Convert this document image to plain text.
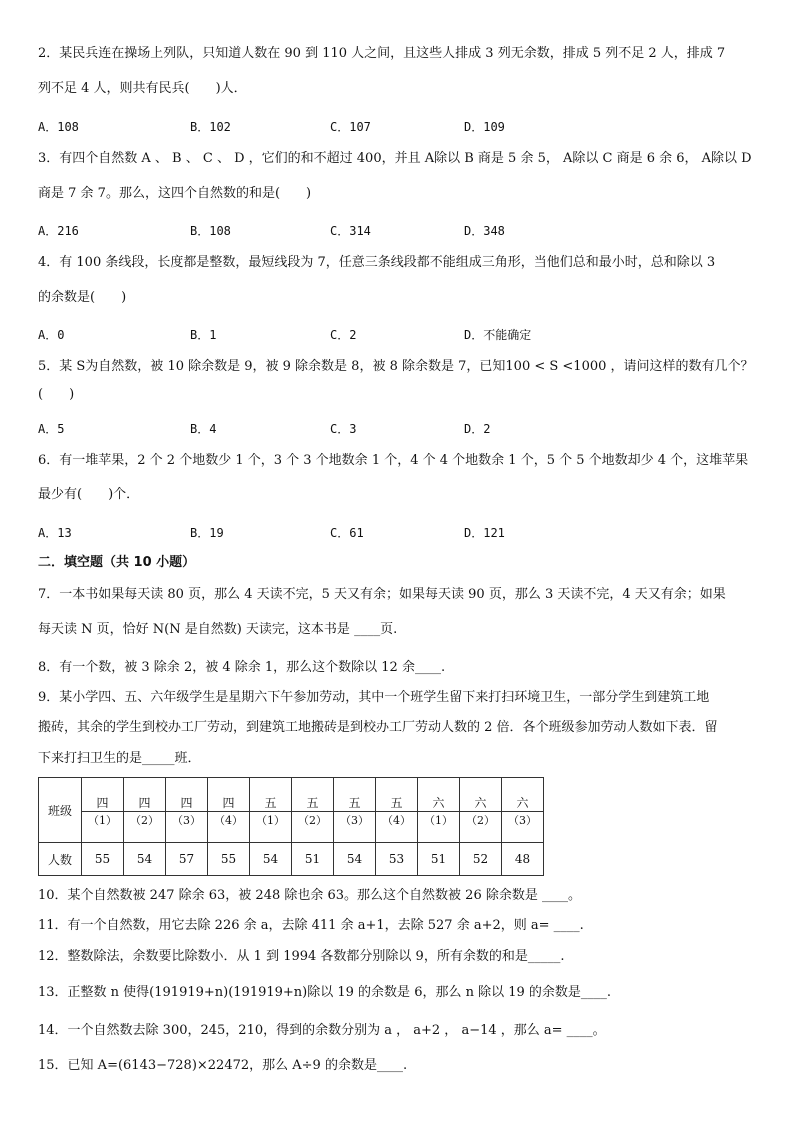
2．某民兵连在操场上列队，只知道人数在 90 到 110 人之间，且这些人排成 3 列无余数，排成 5 列不足 2 人，排成 7
列不足 4 人，则共有民兵(　　)人．
A．108	B．102	C．107	D．109
3．有四个自然数 A 、 B 、 C 、 D ，它们的和不超过 400，并且 A除以 B 商是 5 余 5， A除以 C 商是 6 余 6， A除以 D
商是 7 余 7。那么，这四个自然数的和是(　　)
A．216	B．108	C．314	D．348
4．有 100 条线段，长度都是整数，最短线段为 7，任意三条线段都不能组成三角形，当他们总和最小时，总和除以 3
的余数是(　　)
A．0	B．1	C．2	D．不能确定
5．某 S为自然数，被 10 除余数是 9，被 9 除余数是 8，被 8 除余数是 7，已知100 < S <1000 ，请问这样的数有几个？
(　　)
A．5	B．4	C．3	D．2
6．有一堆苹果，2 个 2 个地数少 1 个，3 个 3 个地数余 1 个，4 个 4 个地数余 1 个，5 个 5 个地数却少 4 个，这堆苹果
最少有(　　)个．
A．13	B．19	C．61	D．121
二．填空题（共 10 小题）
7．一本书如果每天读 80 页，那么 4 天读不完，5 天又有余；如果每天读 90 页，那么 3 天读不完，4 天又有余；如果
每天读 N 页，恰好 N(N 是自然数) 天读完，这本书是 ____页.
8．有一个数，被 3 除余 2，被 4 除余 1，那么这个数除以 12 余____.
9．某小学四、五、六年级学生是星期六下午参加劳动，其中一个班学生留下来打扫环境卫生，一部分学生到建筑工地
搬砖，其余的学生到校办工厂劳动，到建筑工地搬砖是到校办工厂劳动人数的 2 倍．各个班级参加劳动人数如下表．留
下来打扫卫生的是_____班．
班级	四	四	四	四	五	五	五	五	六	六	六
	（1）	（2）	（3）	（4）	（1）	（2）	（3）	（4）	（1）	（2）	（3）
人数	55	54	57	55	54	51	54	53	51	52	48
10．某个自然数被 247 除余 63，被 248 除也余 63。那么这个自然数被 26 除余数是 ____。
11．有一个自然数，用它去除 226 余 a，去除 411 余 a+1，去除 527 余 a+2，则 a= ____.
12．整数除法，余数要比除数小．从 1 到 1994 各数都分别除以 9，所有余数的和是_____.
13．正整数 n 使得(191919+n)(191919+n)除以 19 的余数是 6，那么 n 除以 19 的余数是____.
14．一个自然数去除 300，245，210，得到的余数分别为 a ， a+2 ， a−14 ，那么 a= ____。
15．已知 A=(6143−728)×22472，那么 A÷9 的余数是____.
